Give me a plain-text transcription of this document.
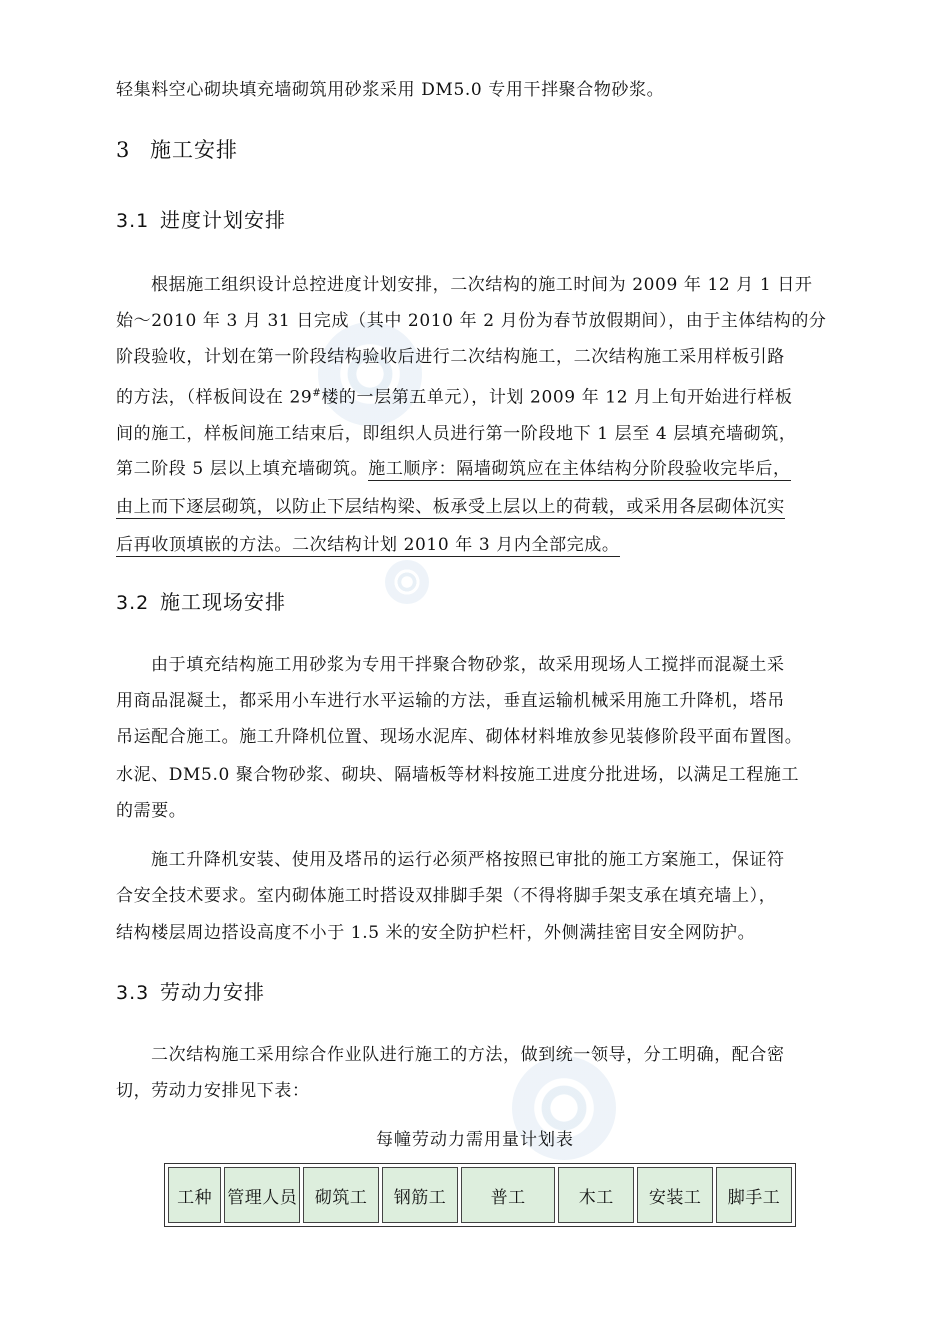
轻集料空心砌块填充墙砌筑用砂浆采用 DM5.0 专用干拌聚合物砂浆。
3 施工安排
3.1 进度计划安排
根据施工组织设计总控进度计划安排，二次结构的施工时间为 2009 年 12 月 1 日开
始～2010 年 3 月 31 日完成（其中 2010 年 2 月份为春节放假期间），由于主体结构的分
阶段验收，计划在第一阶段结构验收后进行二次结构施工，二次结构施工采用样板引路
的方法，（样板间设在 29#楼的一层第五单元），计划 2009 年 12 月上旬开始进行样板
间的施工，样板间施工结束后，即组织人员进行第一阶段地下 1 层至 4 层填充墙砌筑，
第二阶段 5 层以上填充墙砌筑。施工顺序：隔墙砌筑应在主体结构分阶段验收完毕后，
由上而下逐层砌筑，以防止下层结构梁、板承受上层以上的荷载，或采用各层砌体沉实
后再收顶填嵌的方法。二次结构计划 2010 年 3 月内全部完成。
3.2 施工现场安排
由于填充结构施工用砂浆为专用干拌聚合物砂浆，故采用现场人工搅拌而混凝土采
用商品混凝土，都采用小车进行水平运输的方法，垂直运输机械采用施工升降机，塔吊
吊运配合施工。施工升降机位置、现场水泥库、砌体材料堆放参见装修阶段平面布置图。
水泥、DM5.0 聚合物砂浆、砌块、隔墙板等材料按施工进度分批进场，以满足工程施工
的需要。
施工升降机安装、使用及塔吊的运行必须严格按照已审批的施工方案施工，保证符
合安全技术要求。室内砌体施工时搭设双排脚手架（不得将脚手架支承在填充墙上），
结构楼层周边搭设高度不小于 1.5 米的安全防护栏杆，外侧满挂密目安全网防护。
3.3 劳动力安排
二次结构施工采用综合作业队进行施工的方法，做到统一领导，分工明确，配合密
切，劳动力安排见下表：
每幢劳动力需用量计划表
工种	管理人员	砌筑工	钢筋工	普工	木工	安装工	脚手工
